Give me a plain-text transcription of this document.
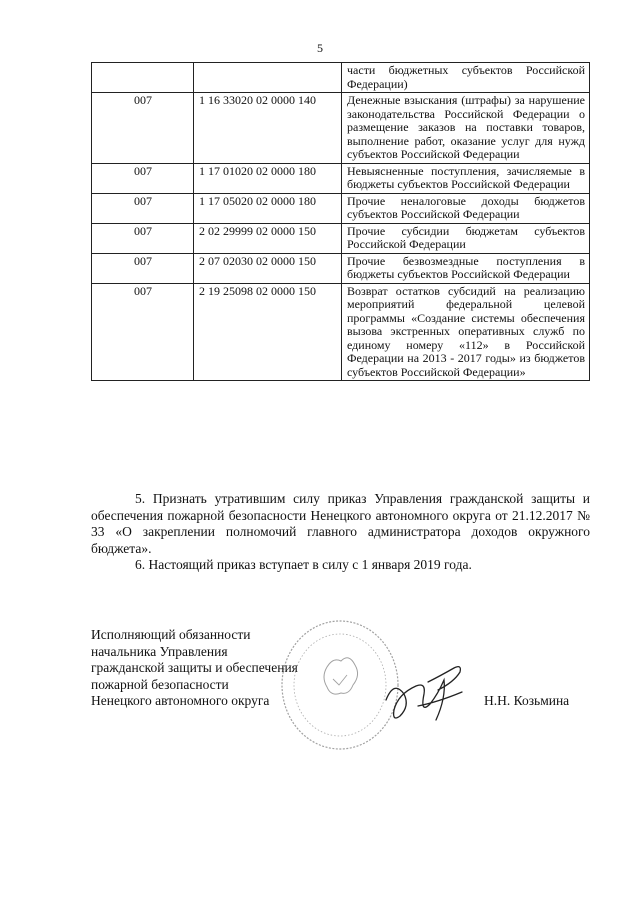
5
		части бюджетных субъектов Российской Федерации)
007	1 16 33020 02 0000 140	Денежные взыскания (штрафы) за нарушение законодательства Российской Федерации о размещение заказов на поставки товаров, выполнение работ, оказание услуг для нужд субъектов Российской Федерации
007	1 17 01020 02 0000 180	Невыясненные поступления, зачисляемые в бюджеты субъектов Российской Федерации
007	1 17 05020 02 0000 180	Прочие неналоговые доходы бюджетов субъектов Российской Федерации
007	2 02 29999 02 0000 150	Прочие субсидии бюджетам субъектов Российской Федерации
007	2 07 02030 02 0000 150	Прочие безвозмездные поступления в бюджеты субъектов Российской Федерации
007	2 19 25098 02 0000 150	Возврат остатков субсидий на реализацию мероприятий федеральной целевой программы «Создание системы обеспечения вызова экстренных оперативных служб по единому номеру «112» в Российской Федерации на 2013 - 2017 годы» из бюджетов субъектов Российской Федерации»
5. Признать утратившим силу приказ Управления гражданской защиты и обеспечения пожарной безопасности Ненецкого автономного округа от 21.12.2017 № 33 «О закреплении полномочий главного администратора доходов окружного бюджета».
6. Настоящий приказ вступает в силу с 1 января 2019 года.
Исполняющий обязанности
начальника Управления
гражданской защиты и обеспечения
пожарной безопасности
Ненецкого автономного округа	Н.Н. Козьмина
